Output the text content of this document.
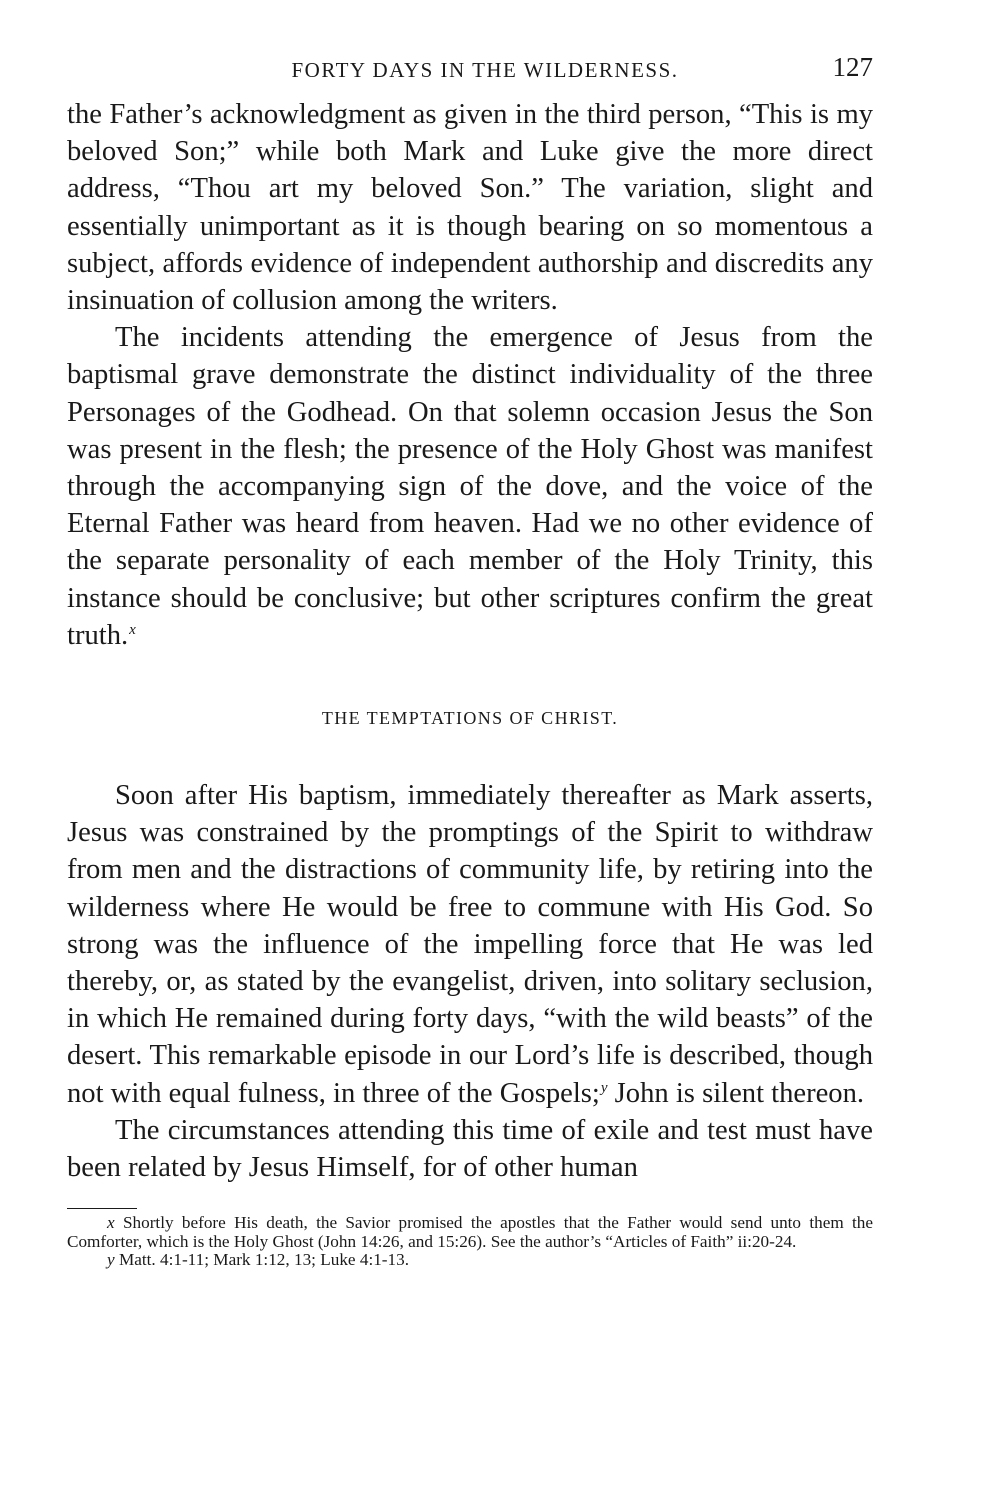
FORTY DAYS IN THE WILDERNESS.	127

the Father’s acknowledgment as given in the third person, “This is my beloved Son;” while both Mark and Luke give the more direct address, “Thou art my beloved Son.” The variation, slight and essentially unimportant as it is though bearing on so momentous a subject, affords evidence of independent authorship and discredits any insinuation of collusion among the writers.

The incidents attending the emergence of Jesus from the baptismal grave demonstrate the distinct individuality of the three Personages of the Godhead. On that solemn occasion Jesus the Son was present in the flesh; the presence of the Holy Ghost was manifest through the accompanying sign of the dove, and the voice of the Eternal Father was heard from heaven. Had we no other evidence of the separate personality of each member of the Holy Trinity, this instance should be conclusive; but other scriptures confirm the great truth.$^x$

THE TEMPTATIONS OF CHRIST.

Soon after His baptism, immediately thereafter as Mark asserts, Jesus was constrained by the promptings of the Spirit to withdraw from men and the distractions of community life, by retiring into the wilderness where He would be free to commune with His God. So strong was the influence of the impelling force that He was led thereby, or, as stated by the evangelist, driven, into solitary seclusion, in which He remained during forty days, “with the wild beasts” of the desert. This remarkable episode in our Lord’s life is described, though not with equal fulness, in three of the Gospels;$^y$ John is silent thereon.

The circumstances attending this time of exile and test must have been related by Jesus Himself, for of other human

x Shortly before His death, the Savior promised the apostles that the Father would send unto them the Comforter, which is the Holy Ghost (John 14:26, and 15:26). See the author’s “Articles of Faith” ii:20-24.

y Matt. 4:1-11; Mark 1:12, 13; Luke 4:1-13.
